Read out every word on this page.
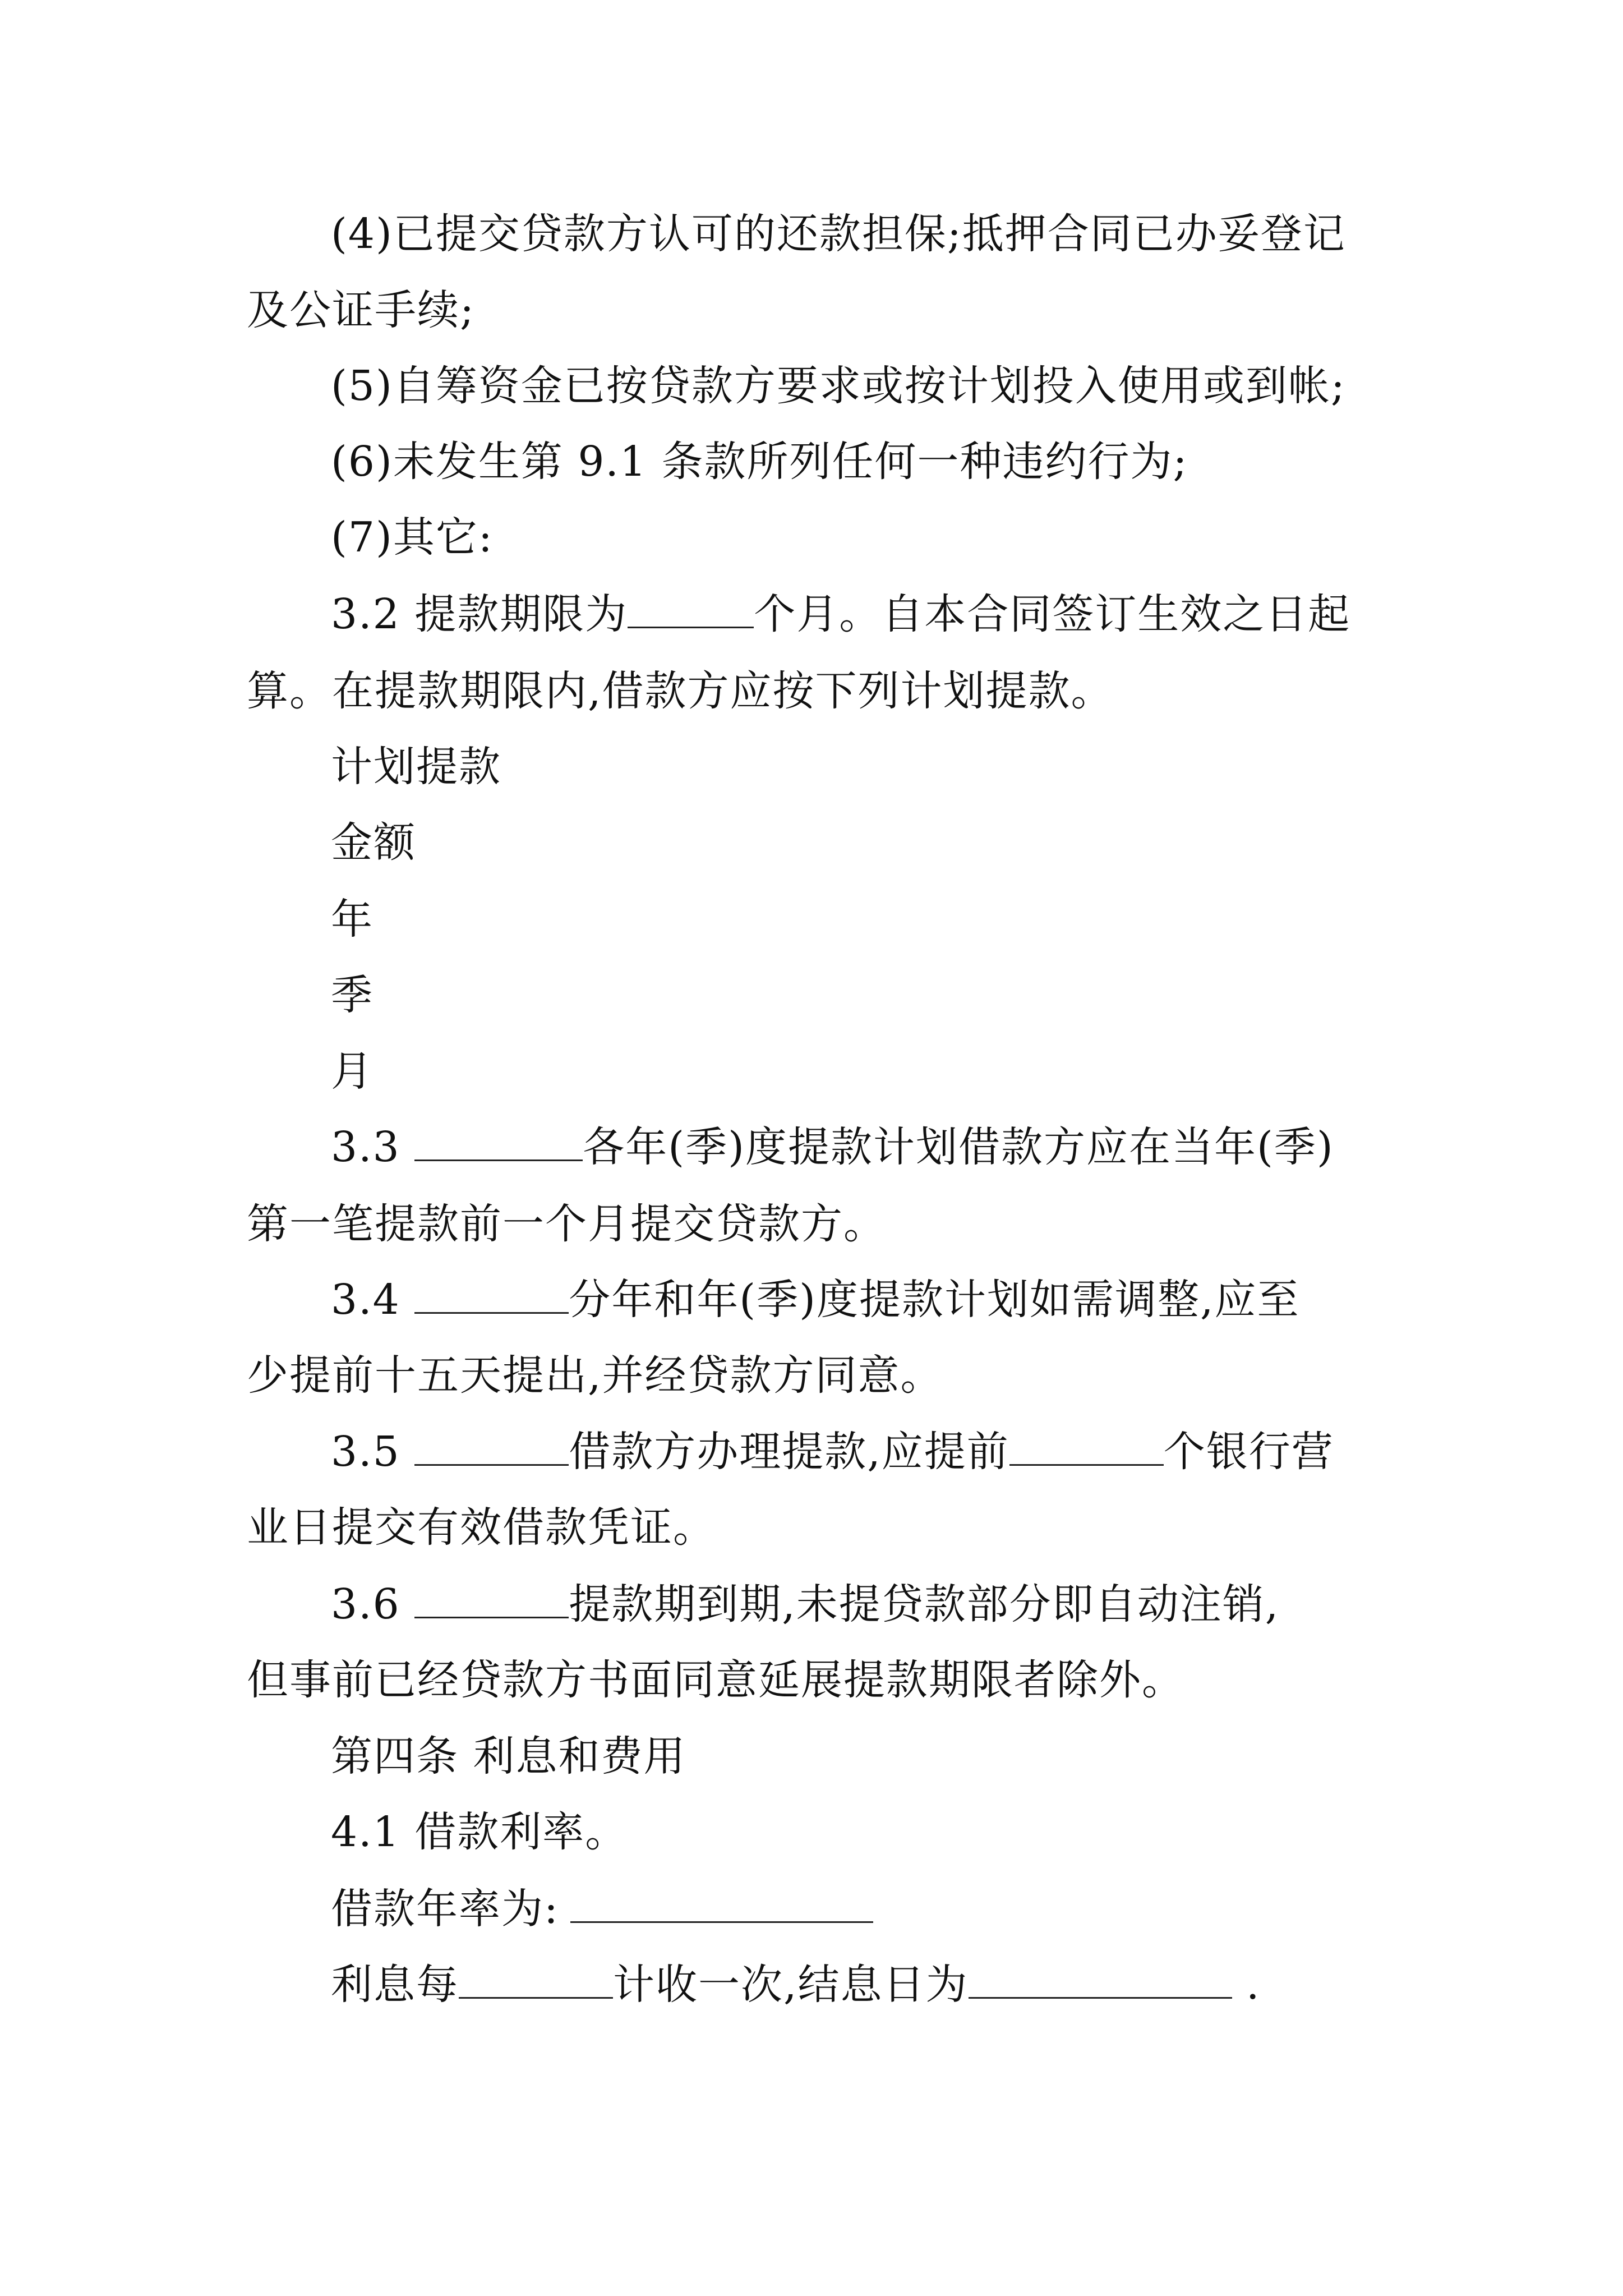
(4)已提交贷款方认可的还款担保;抵押合同已办妥登记
及公证手续;
(5)自筹资金已按贷款方要求或按计划投入使用或到帐;
(6)未发生第 9.1 条款所列任何一种违约行为;
(7)其它:
3.2 提款期限为	个月。自本合同签订生效之日起
算。在提款期限内,借款方应按下列计划提款。
计划提款
金额
年
季
月
3.3	各年(季)度提款计划借款方应在当年(季)
第一笔提款前一个月提交贷款方。
3.4	分年和年(季)度提款计划如需调整,应至
少提前十五天提出,并经贷款方同意。
3.5	借款方办理提款,应提前	个银行营
业日提交有效借款凭证。
3.6	提款期到期,未提贷款部分即自动注销,
但事前已经贷款方书面同意延展提款期限者除外。
第四条 利息和费用
4.1 借款利率。
借款年率为:
利息每	计收一次,结息日为	.
